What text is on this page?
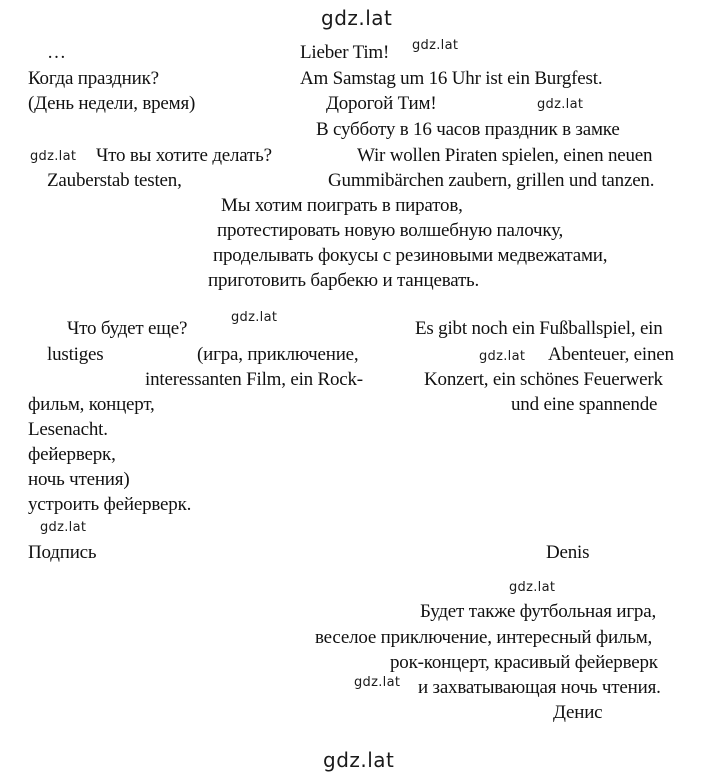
gdz.lat
gdz.lat
gdz.lat
gdz.lat
gdz.lat
gdz.lat
gdz.lat
gdz.lat
gdz.lat
gdz.lat
…	Lieber Tim!
Когда праздник?	Am Samstag um 16 Uhr ist ein Burgfest.
(День недели, время)	Дорогой Тим!
В субботу в 16 часов праздник в замке
Что вы хотите делать?	Wir wollen Piraten spielen, einen neuen
Zauberstab testen,	Gummibärchen zaubern, grillen und tanzen.
Мы хотим поиграть в пиратов,
протестировать новую волшебную палочку,
проделывать фокусы с резиновыми медвежатами,
приготовить барбекю и танцевать.
Что будет еще?	Es gibt noch ein Fußballspiel, ein
lustiges	(игра, приключение,	Abenteuer, einen
interessanten Film, ein Rock-	Konzert, ein schönes Feuerwerk
фильм, концерт,	und eine spannende
Lesenacht.
фейерверк,
ночь чтения)
устроить фейерверк.
Подпись	Denis
Будет также футбольная игра,
веселое приключение, интересный фильм,
рок-концерт, красивый фейерверк
и захватывающая ночь чтения.
Денис
